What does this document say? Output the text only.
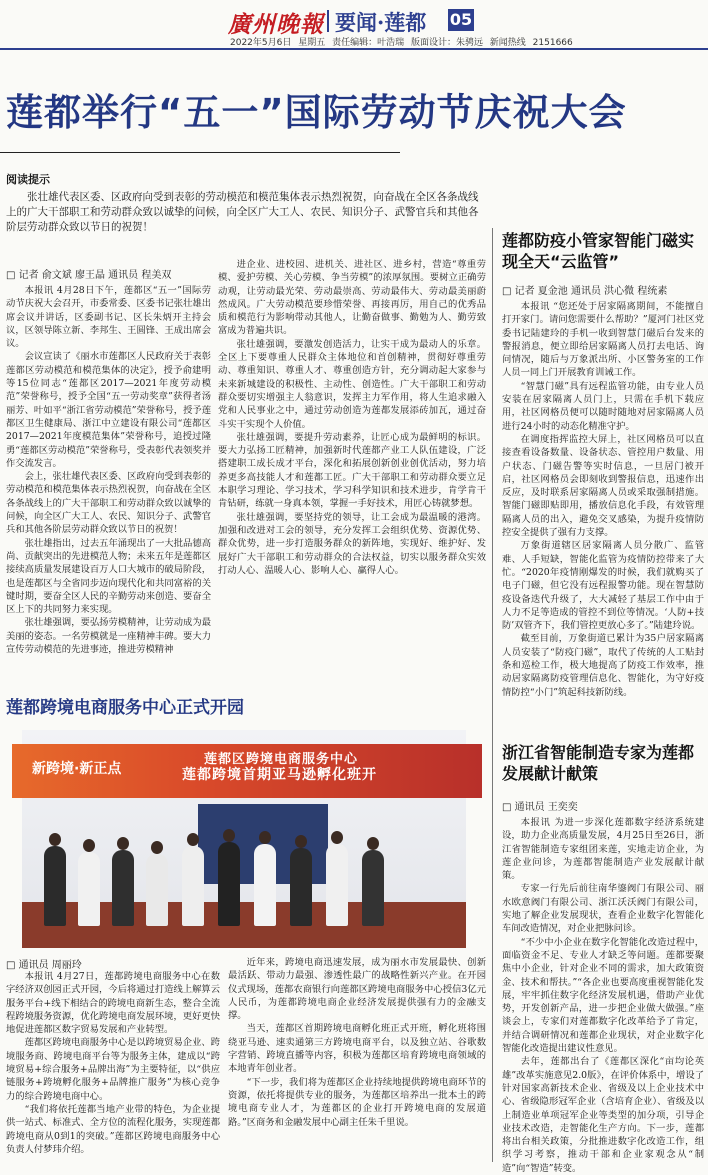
廣州晚報 要闻·莲都 05
2022年5月6日 星期五 责任编辑：叶浩瑞 版面设计：朱骋远 新闻热线 2151666
莲都举行“五一”国际劳动节庆祝大会
阅读提示
张壮雄代表区委、区政府向受到表彰的劳动模范和模范集体表示热烈祝贺，向奋战在全区各条战线上的广大干部职工和劳动群众致以诚挚的问候，向全区广大工人、农民、知识分子、武警官兵和其他各阶层劳动群众致以节日的祝贺！
□ 记者 俞文斌 廖王晶 通讯员 程美双

本报讯 4月28日下午，莲都区“五一”国际劳动节庆祝大会召开，市委常委、区委书记张壮雄出席会议并讲话，区委副书记、区长朱炳开主持会议，区领导陈立新、李邦生、王圆锋、王成出席会议。

会议宣读了《丽水市莲都区人民政府关于表彰莲都区劳动模范和模范集体的决定》，授予俞建明等15位同志“莲都区2017—2021年度劳动模范”荣誉称号，授予全国“五一劳动奖章”获得者汤丽芳、叶如平“浙江省劳动模范”荣誉称号，授予莲都区卫生健康局、浙江中立建设有限公司“莲都区2017—2021年度模范集体”荣誉称号，追授过隆勇“莲都区劳动模范”荣誉称号，受表彰代表领奖并作交流发言。

会上，张壮雄代表区委、区政府向受到表彰的劳动模范和模范集体表示热烈祝贺，向奋战在全区各条战线上的广大干部职工和劳动群众致以诚挚的问候，向全区广大工人、农民、知识分子、武警官兵和其他各阶层劳动群众致以节日的祝贺！

张壮雄指出，过去五年涌现出了一大批品德高尚、贡献突出的先进模范人物；未来五年是莲都区接续高质量发展建设百万人口大城市的破局阶段，也是莲都区与全省同步迈向现代化和共同富裕的关键时期，要奋全区人民的辛勤劳动来创造、要奋全区上下的共同努力来实现。

张壮雄强调，要弘扬劳模精神，让劳动成为最美丽的姿态。一名劳模就是一座精神丰碑。要大力宣传劳动模范的先进事迹，推进劳模精神

进企业、进校园、进机关、进社区、进乡村，营造“尊重劳模、爱护劳模、关心劳模、争当劳模”的浓厚氛围。要树立正确劳动观，让劳动最光荣、劳动最崇高、劳动最伟大、劳动最美丽蔚然成风。广大劳动模范要珍惜荣誉、再接再厉，用自己的优秀品质和模范行为影响带动其他人，让勤奋做事、勤勉为人、勤劳致富成为普遍共识。

张壮雄强调，要激发创造活力，让实干成为最动人的乐章。全区上下要尊重人民群众主体地位和首创精神，贯彻好尊重劳动、尊重知识、尊重人才、尊重创造方针，充分调动起大家参与未来新城建设的积极性、主动性、创造性。广大干部职工和劳动群众要切实增强主人翁意识，发挥主力军作用，将人生追求融入党和人民事业之中，通过劳动创造为莲都发展添砖加瓦，通过奋斗实干实现个人价值。

张壮雄强调，要提升劳动素养，让匠心成为最鲜明的标识。要大力弘扬工匠精神，加强新时代莲都产业工人队伍建设，广泛搭建职工成长成才平台，深化和拓展创新创业创优活动，努力培养更多高技能人才和莲都工匠。广大干部职工和劳动群众要立足本职学习理论、学习技术，学习科学知识和技术进步，肯学肯干肯钻研，练就一身真本领，掌握一手好技术，用匠心铸就梦想。

张壮雄强调，要坚持党的领导，让工会成为最温暖的港湾。加强和改进对工会的领导，充分发挥工会组织优势、资源优势、群众优势，进一步打造服务群众的新阵地，实现好、维护好、发展好广大干部职工和劳动群众的合法权益，切实以服务群众实效打动人心、温暖人心、影响人心、赢得人心。

莲都防疫小管家智能门磁实现全天“云监管”
□ 记者 夏金池 通讯员 洪心微 程统素

本报讯 “您还处于居家隔离期间，不能擅自打开家门。请问您需要什么帮助？”厦河门社区党委书记陆建玲的手机一收到智慧门磁后台发来的警报消息，便立即给居家隔离人员打去电话、询问情况，随后与万象派出所、小区警务室的工作人员一同上门开展教育训诫工作。

“智慧门磁”具有远程监管功能，由专业人员安装在居家隔离人员门上，只需在手机下载应用，社区网格员便可以随时随地对居家隔离人员进行24小时的动态化精准守护。

在调度指挥监控大屏上，社区网格员可以直接查看设备数量、设备状态、管控用户数量、用户状态、门磁告警等实时信息，一旦居门被开启，社区网格员会即刻收到警报信息，迅速作出反应，及时联系居家隔离人员或采取强制措施。智能门磁即贴即用，播放信息化手段，有效管理隔离人员的出入，避免交叉感染，为提升疫情防控安全提供了强有力支撑。

万象街道辖区居家隔离人员分散广、监管难、人手短缺，智能化监管为疫情防控带来了大忙。“2020年疫情刚爆发的时候，我们就购买了电子门磁，但它没有远程报警功能。现在智慧防疫设备迭代升级了，大大减轻了基层工作中由于人力不足等造成的管控不到位等情况。‘人防+技防’双管齐下，我们管控更放心多了。”陆建玲说。

截至目前，万象街道已累计为35户居家隔离人员安装了“防疫门磁”，取代了传统的人工贴封条和巡检工作，极大地提高了防疫工作效率，推动居家隔离防疫管理信息化、智能化，为守好疫情防控“小门”筑起科技新防线。

浙江省智能制造专家为莲都发展献计献策
□ 通讯员 王奕奕

本报讯 为进一步深化莲都数字经济系统建设，助力企业高质量发展，4月25日至26日，浙江省智能制造专家组团来莲，实地走访企业，为莲企业问诊，为莲都智能制造产业发展献计献策。

专家一行先后前往南华鎏阀门有限公司、丽水欧意阀门有限公司、浙江沃沃阀门有限公司，实地了解企业发展现状，查看企业数字化智能化车间改造情况，对企业把脉问诊。

“不少中小企业在数字化智能化改造过程中，面临资金不足、专业人才缺乏等问题。莲都要聚焦中小企业，针对企业不同的需求，加大政策资金、技术和帮扶。”“各企业也要高度重视智能化发展，牢牢抓住数字化经济发展机遇，借助产业优势，开发创新产品，进一步把企业做大做强。”座谈会上，专家们对莲都数字化改革给予了肯定，并结合调研情况和莲都企业现状，对企业数字化智能化改造提出建议性意见。

去年，莲都出台了《莲都区深化“亩均论英雄”改革实施意见2.0版》，在评价体系中，增设了针对国家高新技术企业、省级及以上企业技术中心、省级隐形冠军企业（含培育企业）、省级及以上制造业单项冠军企业等类型的加分项，引导企业技术改造，走智能化生产方向。下一步，莲都将出台相关政策，分批推进数字化改造工作，组织学习考察，推动干部和企业家观念从“制造”向“智造”转变。

莲都跨境电商服务中心正式开园
新跨境·新正点
莲都区跨境电商服务中心
莲都跨境首期亚马逊孵化班开
□ 通讯员 周丽玲

本报讯 4月27日，莲都跨境电商服务中心在数字经济双创园正式开园，今后将通过打造线上解算云服务平台+线下相结合的跨境电商新生态，整合全流程跨境服务资源，优化跨境电商发展环境，更好更快地促进莲都区数字贸易发展和产业转型。

莲都区跨境电商服务中心是以跨境贸易企业、跨境服务商、跨境电商平台等为服务主体，建成以“跨境贸易+综合服务+品牌出海”为主要特征，以“供应链服务+跨境孵化服务+品牌推广服务”为核心竞争力的综合跨境电商中心。

“我们将依托莲都当地产业带的特色，为企业提供一站式、标准式、全方位的流程化服务，实现莲都跨境电商从0到1的突破。”莲都区跨境电商服务中心负责人付梦玮介绍。

近年来，跨境电商迅速发展，成为丽水市发展最快、创新最活跃、带动力最强、渗透性最广的战略性新兴产业。在开园仪式现场，莲都农商银行向莲都区跨境电商服务中心授信3亿元人民币，为莲都跨境电商企业经济发展提供强有力的金融支撑。

当天，莲都区首期跨境电商孵化班正式开班，孵化班将围绕亚马逊、速卖通第三方跨境电商平台，以及独立站、谷歌数字营销、跨境直播等内容，积极为莲都区培育跨境电商领域的本地青年创业者。

“下一步，我们将为莲都区企业持续地提供跨境电商环节的资源，依托将提供专业的服务，为莲都区培养出一批本土的跨境电商专业人才，为莲都区的企业打开跨境电商的发展道路。”区商务和金融发展中心副主任朱千里说。
